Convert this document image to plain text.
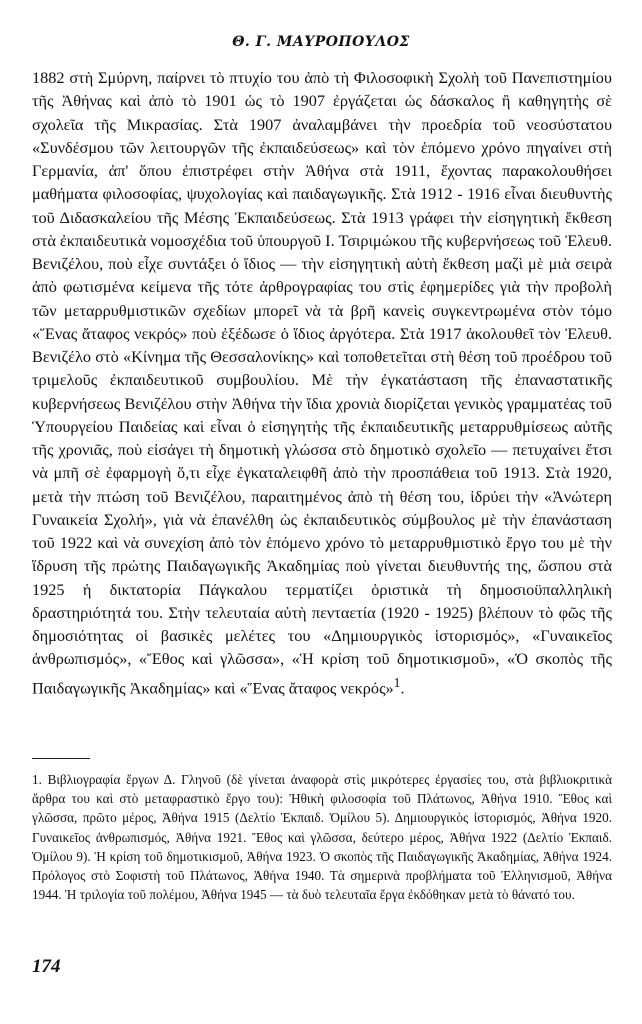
Θ. Γ. ΜΑΥΡΟΠΟΥΛΟΣ
1882 στὴ Σμύρνη, παίρνει τὸ πτυχίο του ἀπὸ τὴ Φιλοσοφικὴ Σχολὴ τοῦ Πανεπιστημίου τῆς Ἀθήνας καὶ ἀπὸ τὸ 1901 ὡς τὸ 1907 ἐργάζεται ὡς δάσκαλος ἢ καθηγητὴς σὲ σχολεῖα τῆς Μικρασίας. Στὰ 1907 ἀναλαμβάνει τὴν προεδρία τοῦ νεοσύστατου «Συνδέσμου τῶν λειτουργῶν τῆς ἐκπαιδεύσεως» καὶ τὸν ἑπόμενο χρόνο πηγαίνει στὴ Γερμανία, ἀπ' ὅπου ἐπιστρέφει στὴν Ἀθήνα στὰ 1911, ἔχοντας παρακολουθήσει μαθήματα φιλοσοφίας, ψυχολογίας καὶ παιδαγωγικῆς. Στὰ 1912 - 1916 εἶναι διευθυντὴς τοῦ Διδασκαλείου τῆς Μέσης Ἐκπαιδεύσεως. Στὰ 1913 γράφει τὴν εἰσηγητικὴ ἔκθεση στὰ ἐκπαιδευτικὰ νομοσχέδια τοῦ ὑπουργοῦ Ι. Τσιριμώκου τῆς κυβερνήσεως τοῦ Ἐλευθ. Βενιζέλου, ποὺ εἶχε συντάξει ὁ ἴδιος — τὴν εἰσηγητικὴ αὐτὴ ἔκθεση μαζὶ μὲ μιὰ σειρὰ ἀπὸ φωτισμένα κείμενα τῆς τότε ἀρθρογραφίας του στὶς ἐφημερίδες γιὰ τὴν προβολὴ τῶν μεταρρυθμιστικῶν σχεδίων μπορεῖ νὰ τὰ βρῆ κανεὶς συγκεντρωμένα στὸν τόμο «Ἕνας ἄταφος νεκρός» ποὺ ἐξέδωσε ὁ ἴδιος ἀργότερα. Στὰ 1917 ἀκολουθεῖ τὸν Ἐλευθ. Βενιζέλο στὸ «Κίνημα τῆς Θεσσαλονίκης» καὶ τοποθετεῖται στὴ θέση τοῦ προέδρου τοῦ τριμελοῦς ἐκπαιδευτικοῦ συμβουλίου. Μὲ τὴν ἐγκατάσταση τῆς ἐπαναστατικῆς κυβερνήσεως Βενιζέλου στὴν Ἀθήνα τὴν ἴδια χρονιὰ διορίζεται γενικὸς γραμματέας τοῦ Ὑπουργείου Παιδείας καὶ εἶναι ὁ εἰσηγητὴς τῆς ἐκπαιδευτικῆς μεταρρυθμίσεως αὐτῆς τῆς χρονιᾶς, ποὺ εἰσάγει τὴ δημοτικὴ γλώσσα στὸ δημοτικὸ σχολεῖο — πετυχαίνει ἔτσι νὰ μπῆ σὲ ἐφαρμογὴ ὅ,τι εἶχε ἐγκαταλειφθῆ ἀπὸ τὴν προσπάθεια τοῦ 1913. Στὰ 1920, μετὰ τὴν πτώση τοῦ Βενιζέλου, παραιτημένος ἀπὸ τὴ θέση του, ἱδρύει τὴν «Ἀνώτερη Γυναικεία Σχολή», γιὰ νὰ ἐπανέλθη ὡς ἐκπαιδευτικὸς σύμβουλος μὲ τὴν ἐπανάσταση τοῦ 1922 καὶ νὰ συνεχίση ἀπὸ τὸν ἑπόμενο χρόνο τὸ μεταρρυθμιστικὸ ἔργο του μὲ τὴν ἵδρυση τῆς πρώτης Παιδαγωγικῆς Ἀκαδημίας ποὺ γίνεται διευθυντής της, ὥσπου στὰ 1925 ἡ δικτατορία Πάγκαλου τερματίζει ὁριστικὰ τὴ δημοσιοϋπαλληλικὴ δραστηριότητά του. Στὴν τελευταία αὐτὴ πενταετία (1920 - 1925) βλέπουν τὸ φῶς τῆς δημοσιότητας οἱ βασικὲς μελέτες του «Δημιουργικὸς ἱστορισμός», «Γυναικεῖος ἀνθρωπισμός», «Ἔθος καὶ γλῶσσα», «Ἡ κρίση τοῦ δημοτικισμοῦ», «Ὁ σκοπὸς τῆς Παιδαγωγικῆς Ἀκαδημίας» καὶ «Ἕνας ἄταφος νεκρός»$^1$.
1. Βιβλιογραφία ἔργων Δ. Γληνοῦ (δὲ γίνεται ἀναφορὰ στὶς μικρότερες ἐργασίες του, στὰ βιβλιοκριτικὰ ἄρθρα του καὶ στὸ μεταφραστικὸ ἔργο του): Ἠθικὴ φιλοσοφία τοῦ Πλάτωνος, Ἀθήνα 1910. Ἔθος καὶ γλῶσσα, πρῶτο μέρος, Ἀθήνα 1915 (Δελτίο Ἐκπαιδ. Ὁμίλου 5). Δημιουργικὸς ἱστορισμός, Ἀθήνα 1920. Γυναικεῖος ἀνθρωπισμός, Ἀθήνα 1921. Ἔθος καὶ γλῶσσα, δεύτερο μέρος, Ἀθήνα 1922 (Δελτίο Ἐκπαιδ. Ὁμίλου 9). Ἡ κρίση τοῦ δημοτικισμοῦ, Ἀθήνα 1923. Ὁ σκοπὸς τῆς Παιδαγωγικῆς Ἀκαδημίας, Ἀθήνα 1924. Πρόλογος στὸ Σοφιστὴ τοῦ Πλάτωνος, Ἀθήνα 1940. Τὰ σημερινὰ προβλήματα τοῦ Ἑλληνισμοῦ, Ἀθήνα 1944. Ἡ τριλογία τοῦ πολέμου, Ἀθήνα 1945 — τὰ δυὸ τελευταῖα ἔργα ἐκδόθηκαν μετὰ τὸ θάνατό του.
174
